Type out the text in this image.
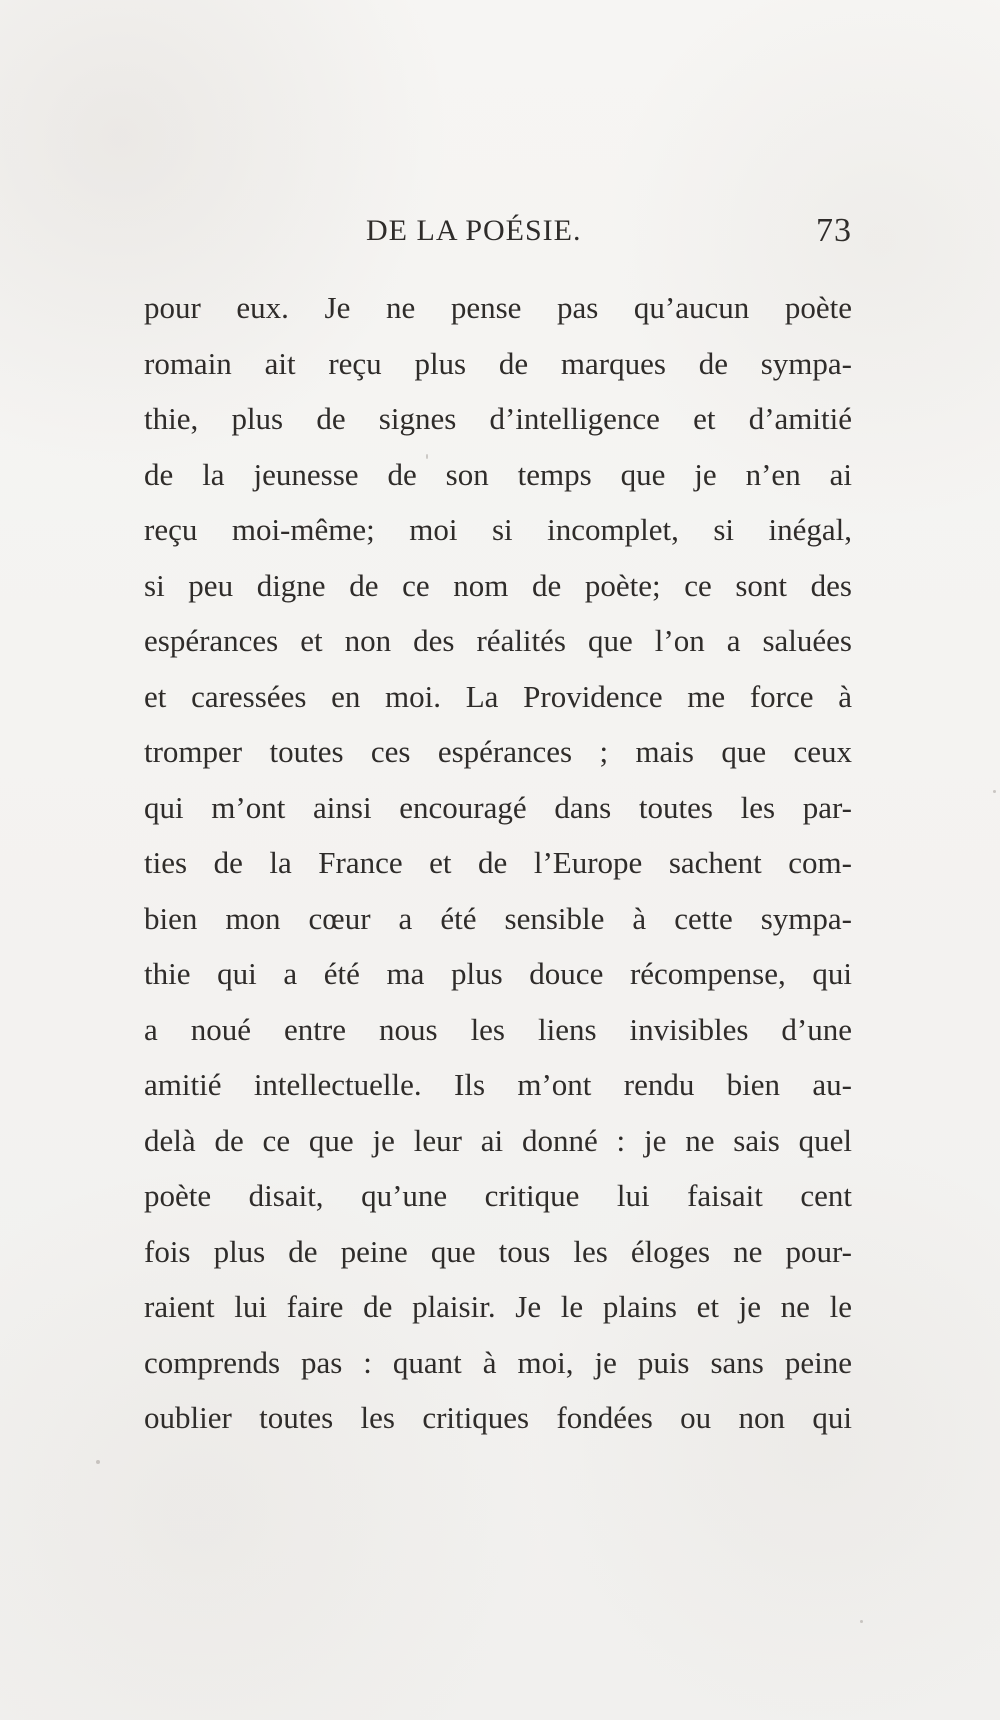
DE LA POÉSIE.	73
pour eux. Je ne pense pas qu’aucun poète
romain ait reçu plus de marques de sympa-
thie, plus de signes d’intelligence et d’amitié
de la jeunesse de son temps que je n’en ai
reçu moi-même; moi si incomplet, si inégal,
si peu digne de ce nom de poète; ce sont des
espérances et non des réalités que l’on a saluées
et caressées en moi. La Providence me force à
tromper toutes ces espérances ; mais que ceux
qui m’ont ainsi encouragé dans toutes les par-
ties de la France et de l’Europe sachent com-
bien mon cœur a été sensible à cette sympa-
thie qui a été ma plus douce récompense, qui
a noué entre nous les liens invisibles d’une
amitié intellectuelle. Ils m’ont rendu bien au-
delà de ce que je leur ai donné : je ne sais quel
poète disait, qu’une critique lui faisait cent
fois plus de peine que tous les éloges ne pour-
raient lui faire de plaisir. Je le plains et je ne le
comprends pas : quant à moi, je puis sans peine
oublier toutes les critiques fondées ou non qui
